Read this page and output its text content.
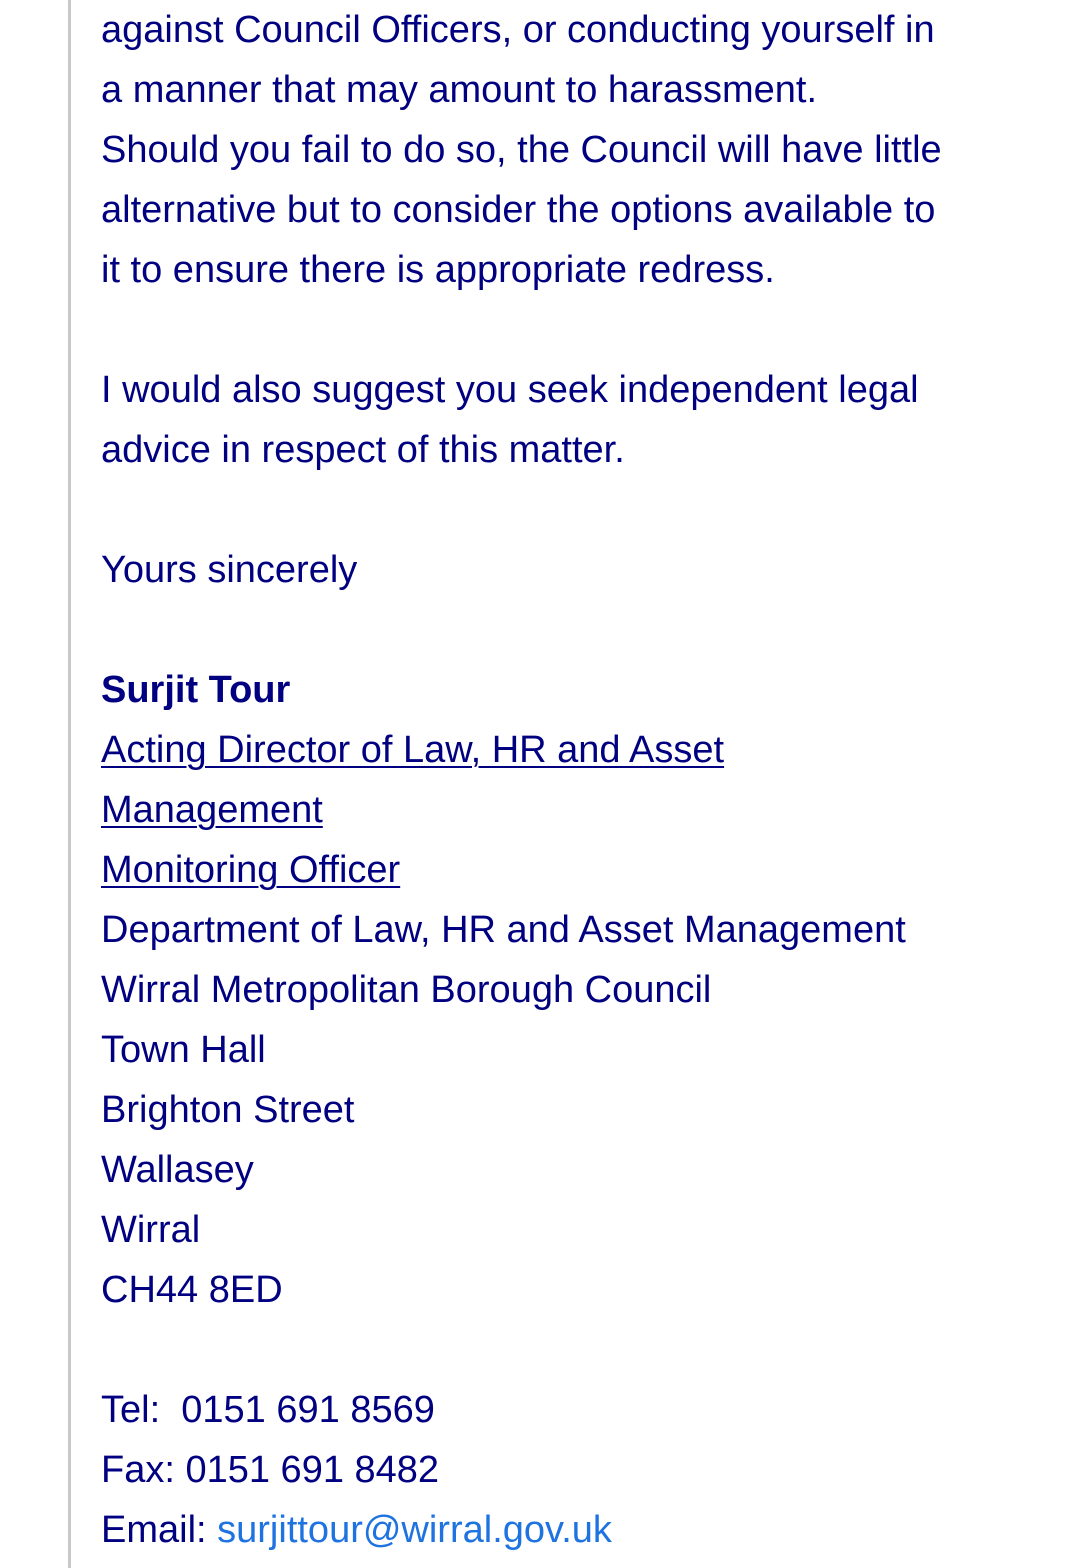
against Council Officers, or conducting yourself in

a manner that may amount to harassment.

Should you fail to do so, the Council will have little

alternative but to consider the options available to

it to ensure there is appropriate redress.

I would also suggest you seek independent legal

advice in respect of this matter.

Yours sincerely

Surjit Tour

Acting Director of Law, HR and Asset

Management

Monitoring Officer

Department of Law, HR and Asset Management

Wirral Metropolitan Borough Council

Town Hall

Brighton Street

Wallasey

Wirral

CH44 8ED

Tel: 0151 691 8569

Fax: 0151 691 8482

Email: surjittour@wirral.gov.uk
